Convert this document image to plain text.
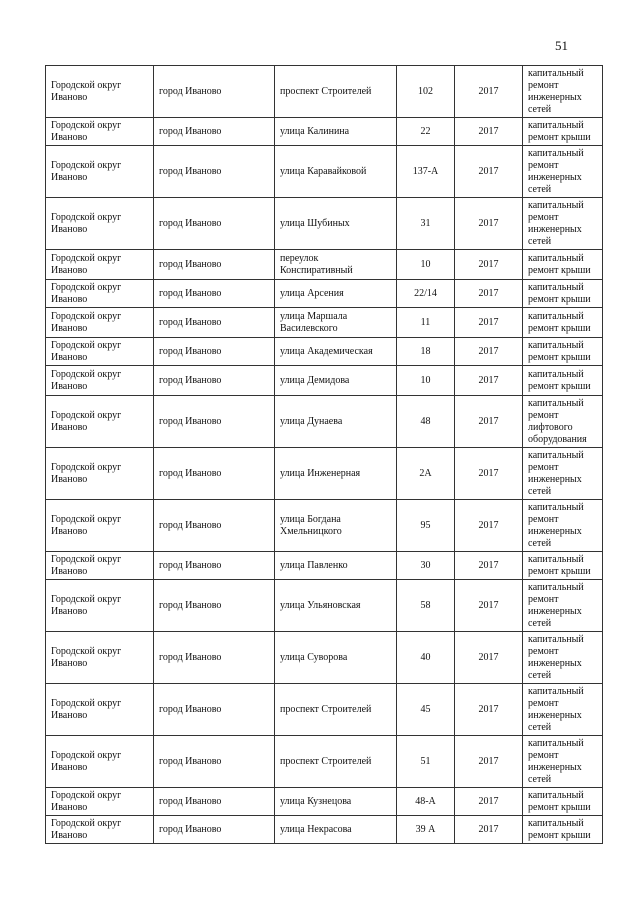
51
Городской округ Иваново	город Иваново	проспект Строителей	102	2017	капитальный ремонт инженерных сетей
Городской округ Иваново	город Иваново	улица Калинина	22	2017	капитальный ремонт крыши
Городской округ Иваново	город Иваново	улица Каравайковой	137-А	2017	капитальный ремонт инженерных сетей
Городской округ Иваново	город Иваново	улица Шубиных	31	2017	капитальный ремонт инженерных сетей
Городской округ Иваново	город Иваново	переулок Конспиративный	10	2017	капитальный ремонт крыши
Городской округ Иваново	город Иваново	улица Арсения	22/14	2017	капитальный ремонт крыши
Городской округ Иваново	город Иваново	улица Маршала Василевского	11	2017	капитальный ремонт крыши
Городской округ Иваново	город Иваново	улица Академическая	18	2017	капитальный ремонт крыши
Городской округ Иваново	город Иваново	улица Демидова	10	2017	капитальный ремонт крыши
Городской округ Иваново	город Иваново	улица Дунаева	48	2017	капитальный ремонт лифтового оборудования
Городской округ Иваново	город Иваново	улица Инженерная	2А	2017	капитальный ремонт инженерных сетей
Городской округ Иваново	город Иваново	улица Богдана Хмельницкого	95	2017	капитальный ремонт инженерных сетей
Городской округ Иваново	город Иваново	улица Павленко	30	2017	капитальный ремонт крыши
Городской округ Иваново	город Иваново	улица Ульяновская	58	2017	капитальный ремонт инженерных сетей
Городской округ Иваново	город Иваново	улица Суворова	40	2017	капитальный ремонт инженерных сетей
Городской округ Иваново	город Иваново	проспект Строителей	45	2017	капитальный ремонт инженерных сетей
Городской округ Иваново	город Иваново	проспект Строителей	51	2017	капитальный ремонт инженерных сетей
Городской округ Иваново	город Иваново	улица Кузнецова	48-А	2017	капитальный ремонт крыши
Городской округ Иваново	город Иваново	улица Некрасова	39 А	2017	капитальный ремонт крыши
